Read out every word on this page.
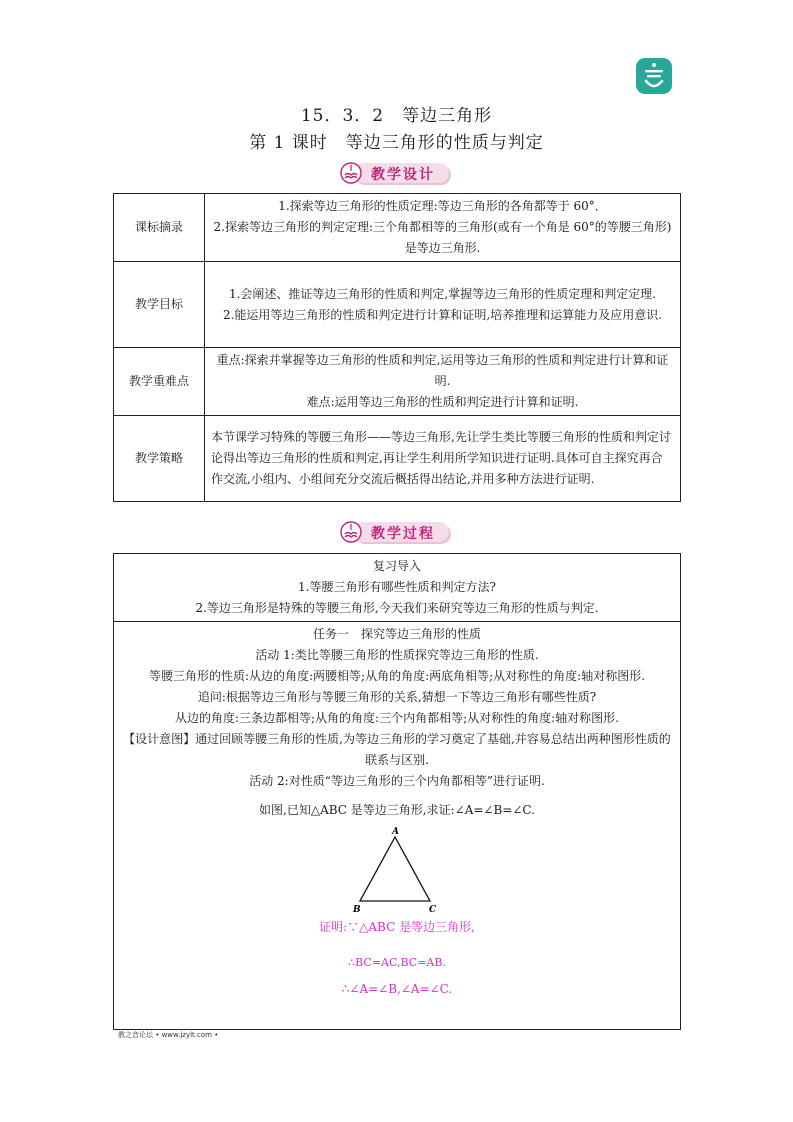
15．3．2　等边三角形
第 1 课时　等边三角形的性质与判定
教学设计
课标摘录	1.探索等边三角形的性质定理:等边三角形的各角都等于 60°．

2.探索等边三角形的判定定理:三个角都相等的三角形(或有一个角是 60°的等腰三角形)是等边三角形.

教学目标	1.会阐述、推证等边三角形的性质和判定,掌握等边三角形的性质定理和判定定理.

2.能运用等边三角形的性质和判定进行计算和证明,培养推理和运算能力及应用意识.

教学重难点	重点:探索并掌握等边三角形的性质和判定,运用等边三角形的性质和判定进行计算和证明.

难点:运用等边三角形的性质和判定进行计算和证明.

教学策略	本节课学习特殊的等腰三角形——等边三角形,先让学生类比等腰三角形的性质和判定讨论得出等边三角形的性质和判定,再让学生利用所学知识进行证明.具体可自主探究再合作交流,小组内、小组间充分交流后概括得出结论,并用多种方法进行证明.

教学过程

复习导入

1.等腰三角形有哪些性质和判定方法?

2.等边三角形是特殊的等腰三角形,今天我们来研究等边三角形的性质与判定.

任务一　探究等边三角形的性质

活动 1:类比等腰三角形的性质探究等边三角形的性质.

等腰三角形的性质:从边的角度:两腰相等;从角的角度:两底角相等;从对称性的角度:轴对称图形.

追问:根据等边三角形与等腰三角形的关系,猜想一下等边三角形有哪些性质?

从边的角度:三条边都相等;从角的角度:三个内角都相等;从对称性的角度:轴对称图形.

【设计意图】通过回顾等腰三角形的性质,为等边三角形的学习奠定了基础,并容易总结出两种图形性质的联系与区别.

活动 2:对性质“等边三角形的三个内角都相等”进行证明.

如图,已知△ABC 是等边三角形,求证:∠A=∠B=∠C.

A
B	C

证明:∵△ABC 是等边三角形,

∴BC=AC,BC=AB.

∴∠A=∠B,∠A=∠C.

教之音论坛 • www.jzylt.com •
